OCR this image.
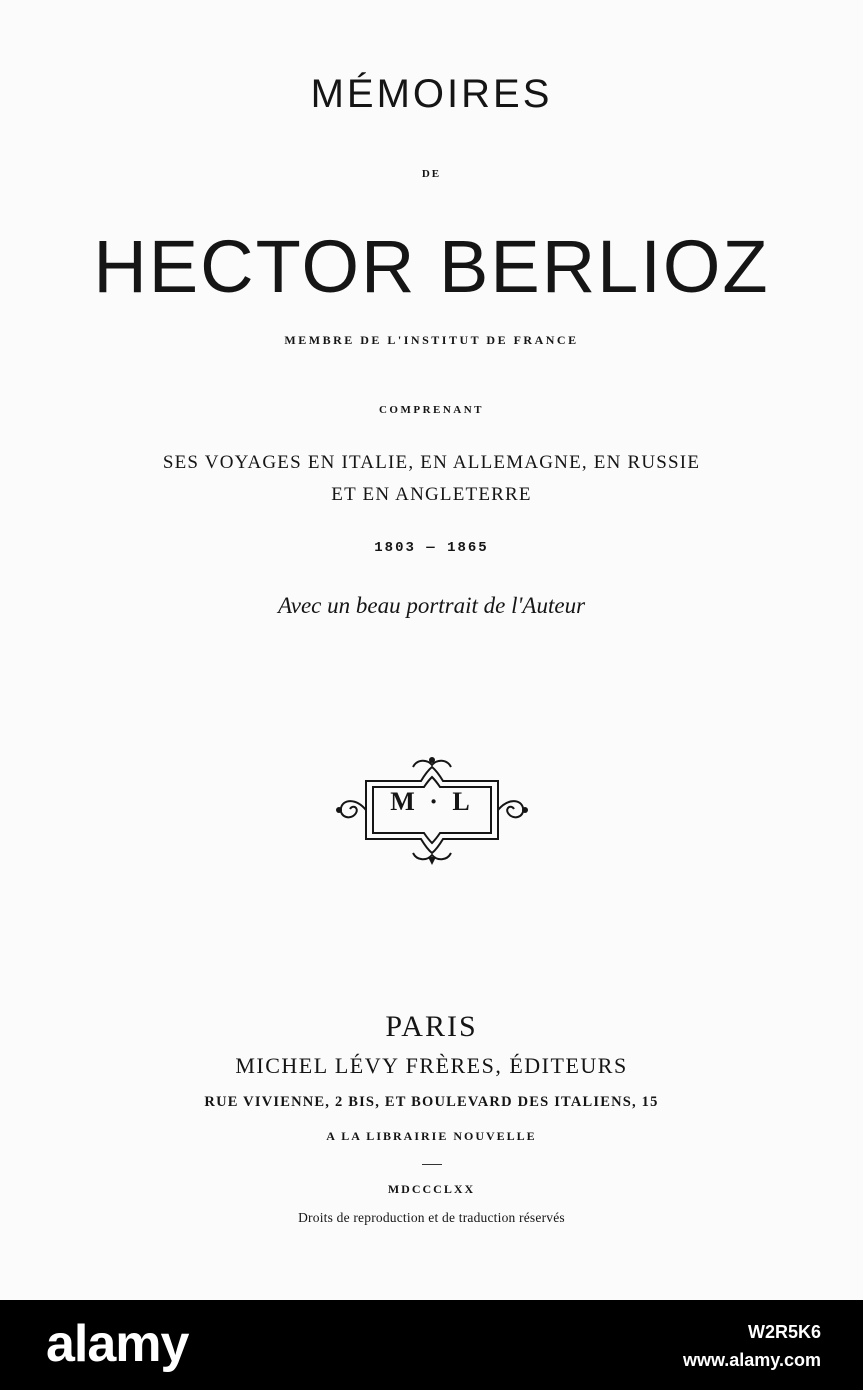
MÉMOIRES
DE
HECTOR BERLIOZ
MEMBRE DE L'INSTITUT DE FRANCE
COMPRENANT
SES VOYAGES EN ITALIE, EN ALLEMAGNE, EN RUSSIE
ET EN ANGLETERRE
1803 — 1865
Avec un beau portrait de l'Auteur
M · L
PARIS
MICHEL LÉVY FRÈRES, ÉDITEURS
RUE VIVIENNE, 2 BIS, ET BOULEVARD DES ITALIENS, 15
A LA LIBRAIRIE NOUVELLE
MDCCCLXX
Droits de reproduction et de traduction réservés
alamy	W2R5K6
www.alamy.com
